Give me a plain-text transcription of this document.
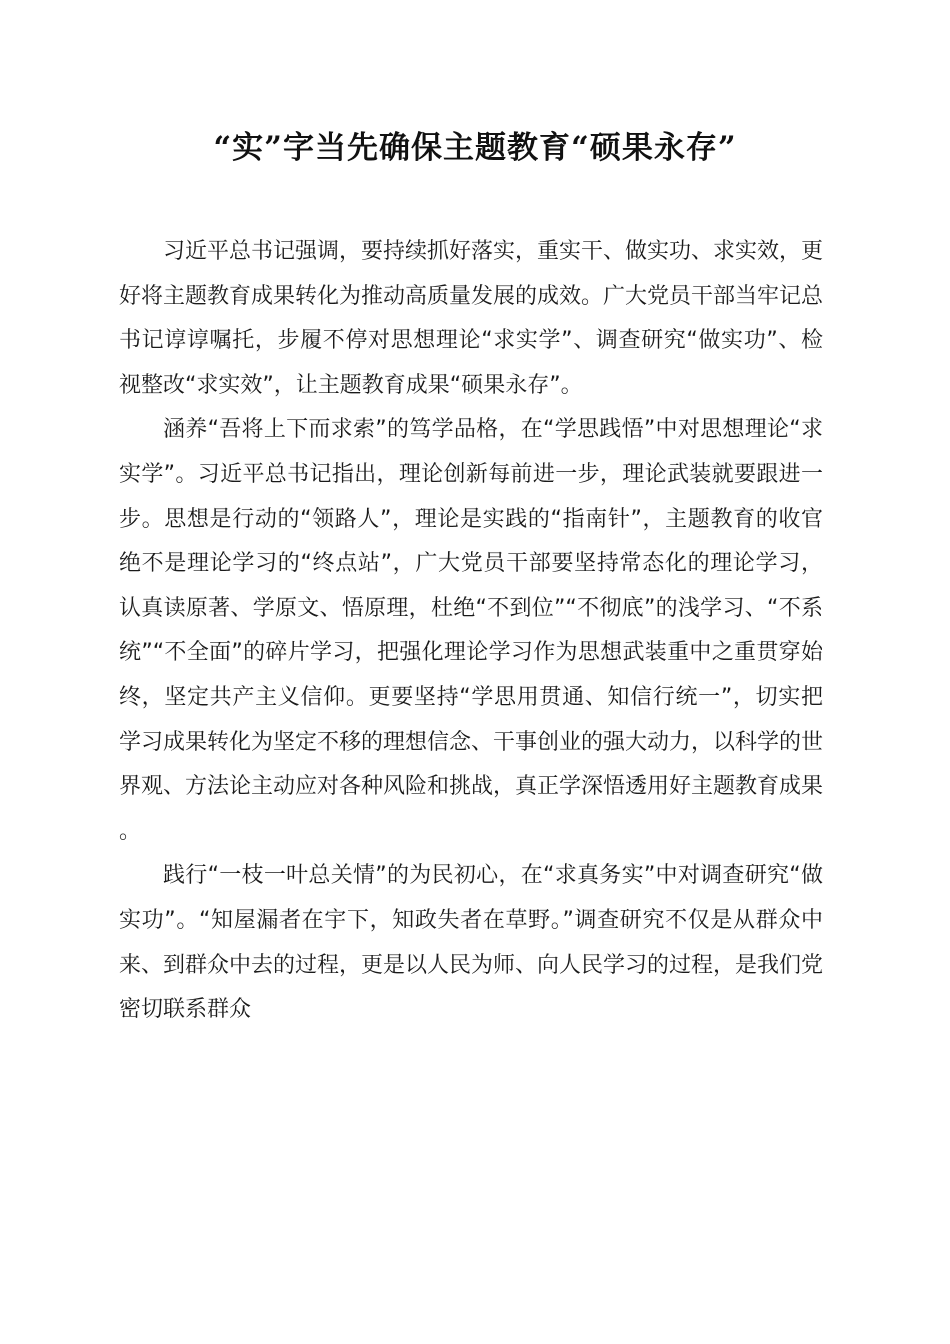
“实”字当先确保主题教育“硕果永存”

习近平总书记强调，要持续抓好落实，重实干、做实功、求实效，更好将主题教育成果转化为推动高质量发展的成效。广大党员干部当牢记总书记谆谆嘱托，步履不停对思想理论“求实学”、调查研究“做实功”、检视整改“求实效”，让主题教育成果“硕果永存”。

涵养“吾将上下而求索”的笃学品格，在“学思践悟”中对思想理论“求实学”。习近平总书记指出，理论创新每前进一步，理论武装就要跟进一步。思想是行动的“领路人”，理论是实践的“指南针”，主题教育的收官绝不是理论学习的“终点站”，广大党员干部要坚持常态化的理论学习，认真读原著、学原文、悟原理，杜绝“不到位”“不彻底”的浅学习、“不系统”“不全面”的碎片学习，把强化理论学习作为思想武装重中之重贯穿始终，坚定共产主义信仰。更要坚持“学思用贯通、知信行统一”，切实把学习成果转化为坚定不移的理想信念、干事创业的强大动力，以科学的世界观、方法论主动应对各种风险和挑战，真正学深悟透用好主题教育成果。

践行“一枝一叶总关情”的为民初心，在“求真务实”中对调查研究“做实功”。“知屋漏者在宇下，知政失者在草野。”调查研究不仅是从群众中来、到群众中去的过程，更是以人民为师、向人民学习的过程，是我们党密切联系群众
